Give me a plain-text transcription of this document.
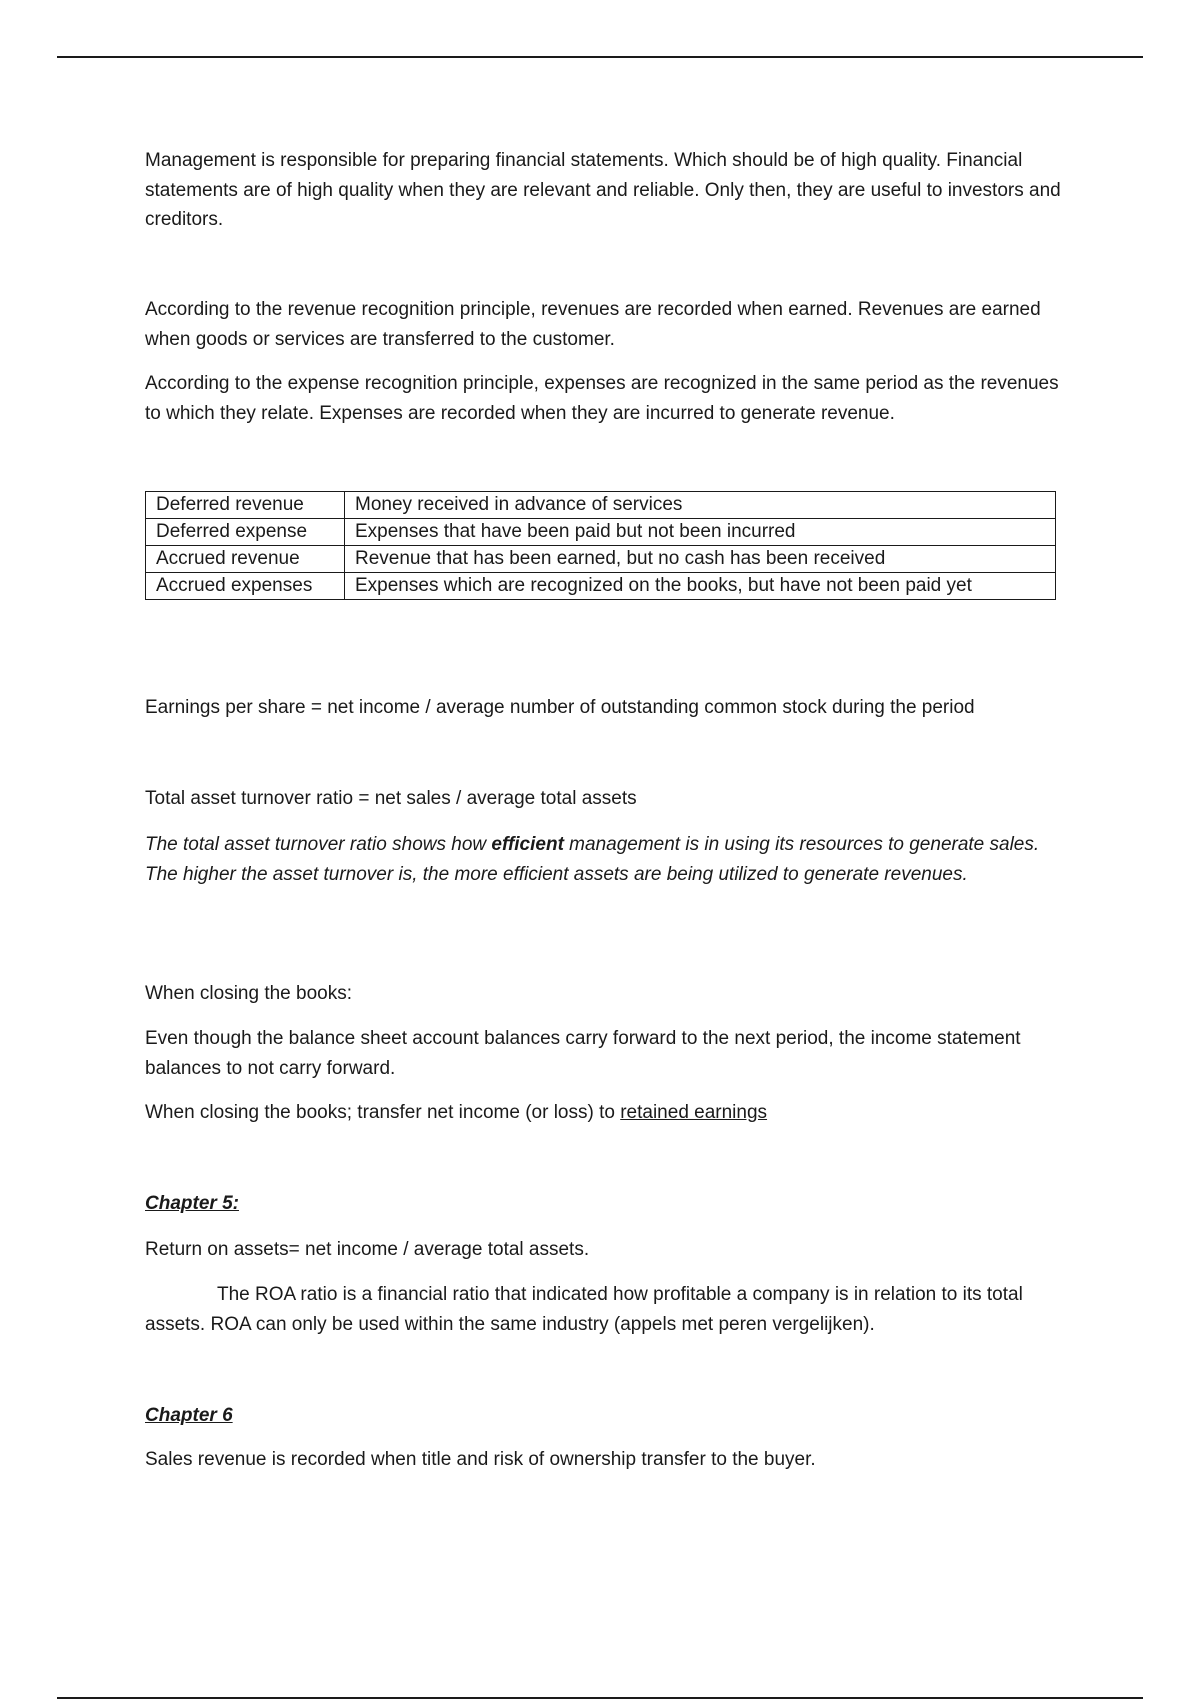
Management is responsible for preparing financial statements. Which should be of high quality. Financial statements are of high quality when they are relevant and reliable. Only then, they are useful to investors and creditors.

According to the revenue recognition principle, revenues are recorded when earned. Revenues are earned when goods or services are transferred to the customer.

According to the expense recognition principle, expenses are recognized in the same period as the revenues to which they relate. Expenses are recorded when they are incurred to generate revenue.

Deferred revenue	Money received in advance of services
Deferred expense	Expenses that have been paid but not been incurred
Accrued revenue	Revenue that has been earned, but no cash has been received
Accrued expenses	Expenses which are recognized on the books, but have not been paid yet

Earnings per share = net income / average number of outstanding common stock during the period

Total asset turnover ratio = net sales / average total assets

The total asset turnover ratio shows how efficient management is in using its resources to generate sales. The higher the asset turnover is, the more efficient assets are being utilized to generate revenues.

When closing the books:

Even though the balance sheet account balances carry forward to the next period, the income statement balances to not carry forward.

When closing the books; transfer net income (or loss) to retained earnings

Chapter 5:

Return on assets= net income / average total assets.

The ROA ratio is a financial ratio that indicated how profitable a company is in relation to its total assets. ROA can only be used within the same industry (appels met peren vergelijken).

Chapter 6

Sales revenue is recorded when title and risk of ownership transfer to the buyer.
